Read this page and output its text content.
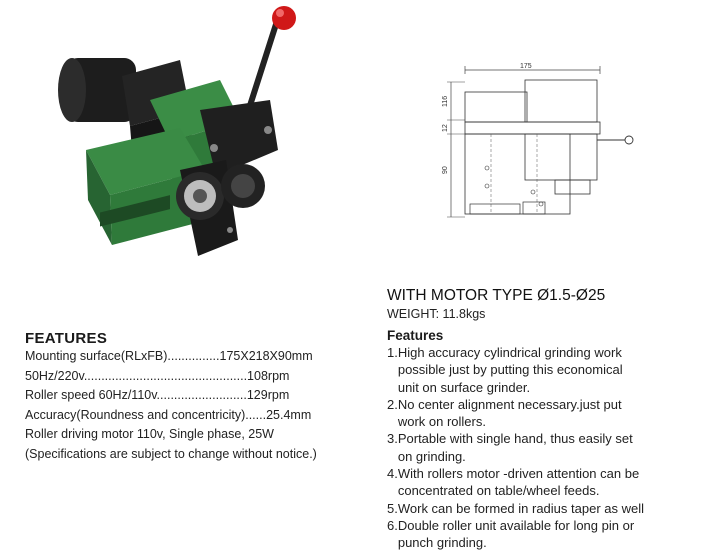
175
116
12
90
FEATURES
Mounting surface(RLxFB)...............175X218X90mm
50Hz/220v...............................................108rpm
Roller speed 60Hz/110v..........................129rpm
Accuracy(Roundness and concentricity)......25.4mm
Roller driving motor 110v, Single phase, 25W
(Specifications are subject to change without notice.)
WITH MOTOR TYPE Ø1.5-Ø25
WEIGHT: 11.8kgs
Features
1. High accuracy cylindrical grinding work
possible just by putting this economical
unit on surface grinder.
2. No center alignment necessary.just put
work on rollers.
3. Portable with single hand, thus easily set
on grinding.
4. With rollers motor -driven attention can be
concentrated on table/wheel feeds.
5. Work can be formed in radius taper as well
6. Double roller unit available for long pin or
punch grinding.
